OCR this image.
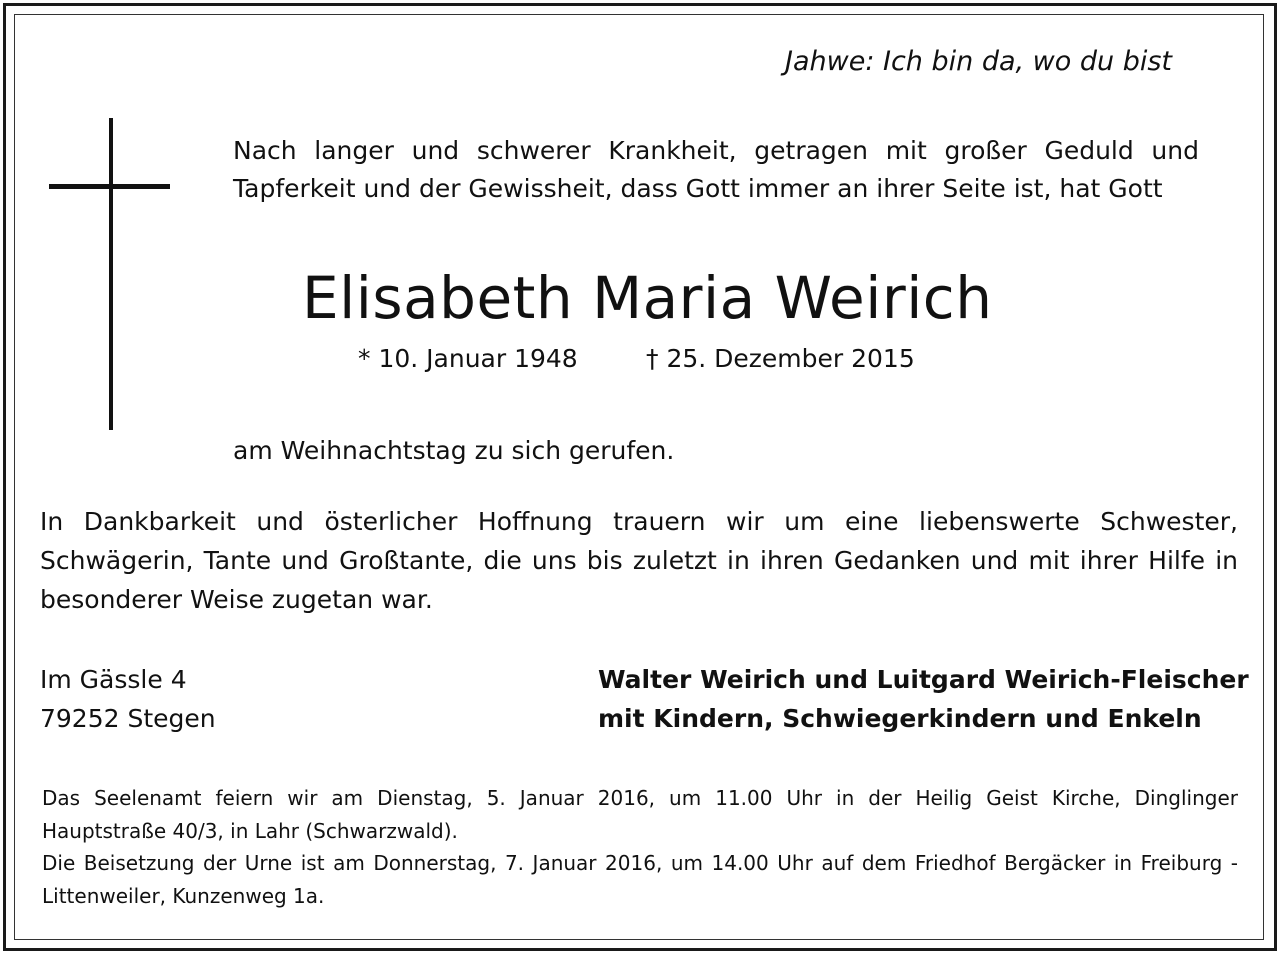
Jahwe: Ich bin da, wo du bist

Nach langer und schwerer Krankheit, getragen mit großer Geduld und Tapferkeit und der Gewissheit, dass Gott immer an ihrer Seite ist, hat Gott

Elisabeth Maria Weirich

* 10. Januar 1948	† 25. Dezember 2015

am Weihnachtstag zu sich gerufen.

In Dankbarkeit und österlicher Hoffnung trauern wir um eine liebenswerte Schwester, Schwägerin, Tante und Großtante, die uns bis zuletzt in ihren Gedanken und mit ihrer Hilfe in besonderer Weise zugetan war.

Im Gässle 4
79252 Stegen
Walter Weirich und Luitgard Weirich-Fleischer
mit Kindern, Schwiegerkindern und Enkeln

Das Seelenamt feiern wir am Dienstag, 5. Januar 2016, um 11.00 Uhr in der Heilig Geist Kirche, Dinglinger Hauptstraße 40/3, in Lahr (Schwarzwald).

Die Beisetzung der Urne ist am Donnerstag, 7. Januar 2016, um 14.00 Uhr auf dem Friedhof Bergäcker in Freiburg - Littenweiler, Kunzenweg 1a.
